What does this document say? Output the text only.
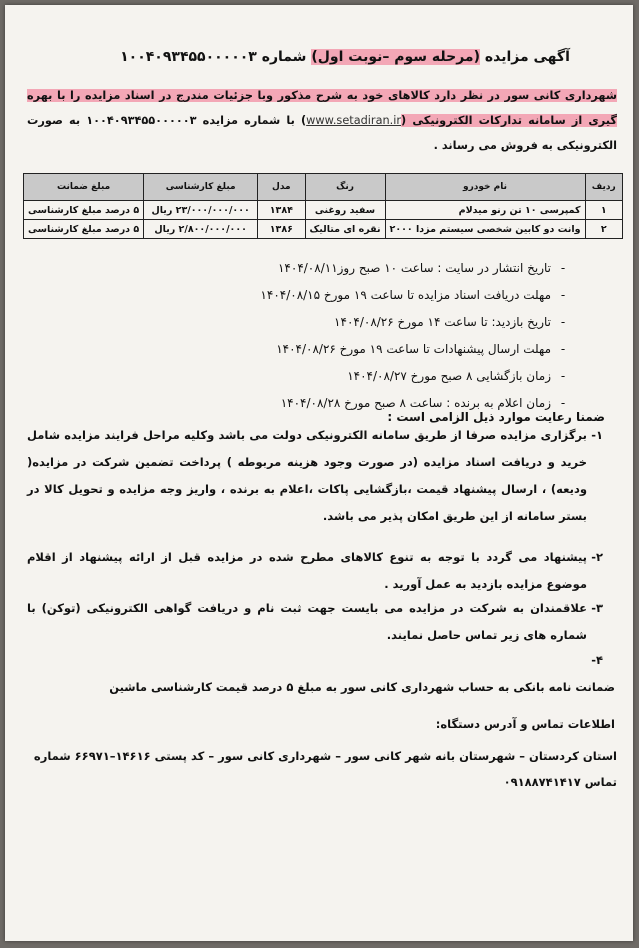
آگهی مزایده (مرحله سوم –نوبت اول) شماره ۱۰۰۴۰۹۳۴۵۵۰۰۰۰۰۳
شهرداری کانی سور در نظر دارد کالاهای خود به شرح مذکور وبا جزئیات مندرج در اسناد مزایده را با بهره گیری از سامانه تدارکات الکترونیکی (www.setadiran.ir) با شماره مزایده ۱۰۰۴۰۹۳۴۵۵۰۰۰۰۰۳ به صورت الکترونیکی به فروش می رساند .
ردیف	نام خودرو	رنگ	مدل	مبلغ کارشناسی	مبلغ ضمانت
۱	کمپرسی ۱۰ تن رنو میدلام	سفید روغنی	۱۳۸۴	۲۳/۰۰۰/۰۰۰/۰۰۰ ریال	۵ درصد مبلغ کارشناسی
۲	وانت دو کابین شخصی سیستم مزدا ۲۰۰۰	نقره ای متالیک	۱۳۸۶	۲/۸۰۰/۰۰۰/۰۰۰ ریال	۵ درصد مبلغ کارشناسی
-تاریخ انتشار در سایت : ساعت ۱۰ صبح روز۱۴۰۴/۰۸/۱۱
-مهلت دریافت اسناد مزایده تا ساعت ۱۹ مورخ ۱۴۰۴/۰۸/۱۵
-تاریخ بازدید: تا ساعت ۱۴ مورخ ۱۴۰۴/۰۸/۲۶
-مهلت ارسال پیشنهادات تا ساعت ۱۹ مورخ ۱۴۰۴/۰۸/۲۶
-زمان بازگشایی ۸ صبح مورخ ۱۴۰۴/۰۸/۲۷
-زمان اعلام به برنده : ساعت ۸ صبح مورخ ۱۴۰۴/۰۸/۲۸
ضمنا رعایت موارد ذیل الزامی است :
۱-
برگزاری مزایده صرفا از طریق سامانه الکترونیکی دولت می باشد وکلیه مراحل فرایند مزایده شامل خرید و دریافت اسناد مزایده (در صورت وجود هزینه مربوطه ) پرداخت تضمین شرکت در مزایده( ودیعه) ، ارسال پیشنهاد قیمت ،بازگشایی پاکات ،اعلام به برنده ، واریز وجه مزایده و تحویل کالا در بستر سامانه از این طریق امکان پذیر می باشد.
۲-
پیشنهاد می گردد با توجه به تنوع کالاهای مطرح شده در مزایده قبل از ارائه پیشنهاد از اقلام موضوع مزایده بازدید به عمل آورید .
۳-
علاقمندان به شرکت در مزایده می بایست جهت ثبت نام و دریافت گواهی الکترونیکی (توکن) با شماره های زیر تماس حاصل نمایند.
۴-
ضمانت نامه بانکی به حساب شهرداری کانی سور به مبلغ ۵ درصد قیمت کارشناسی ماشین
اطلاعات تماس و آدرس دستگاه:
استان کردستان – شهرستان بانه شهر کانی سور – شهرداری کانی سور – کد پستی ۱۴۶۱۶–۶۶۹۷۱ شماره تماس ۰۹۱۸۸۷۴۱۴۱۷
